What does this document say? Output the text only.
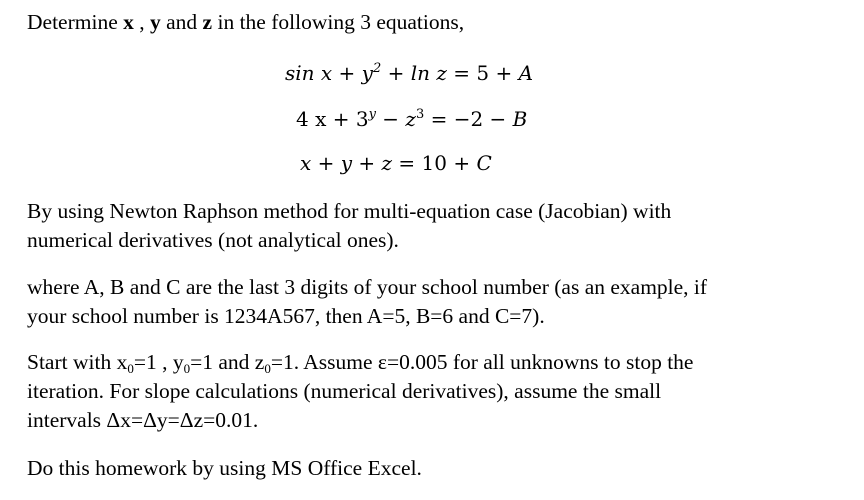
Determine x , y and z in the following 3 equations,

$\sin x + y^2 + \ln z = 5 + A$
4 $x + 3^y - z^3 = -2 - B$
x + y + z = 10 + C
By using Newton Raphson method for multi-equation case (Jacobian) with
numerical derivatives (not analytical ones).
where A, B and C are the last 3 digits of your school number (as an example, if
your school number is 1234A567, then A=5, B=6 and C=7).
Start with $x_0=1$ , $y_0=1$ and $z_0=1$. Assume ε=0.005 for all unknowns to stop the
iteration. For slope calculations (numerical derivatives), assume the small
intervals Δx=Δy=Δz=0.01.

Do this homework by using MS Office Excel.
